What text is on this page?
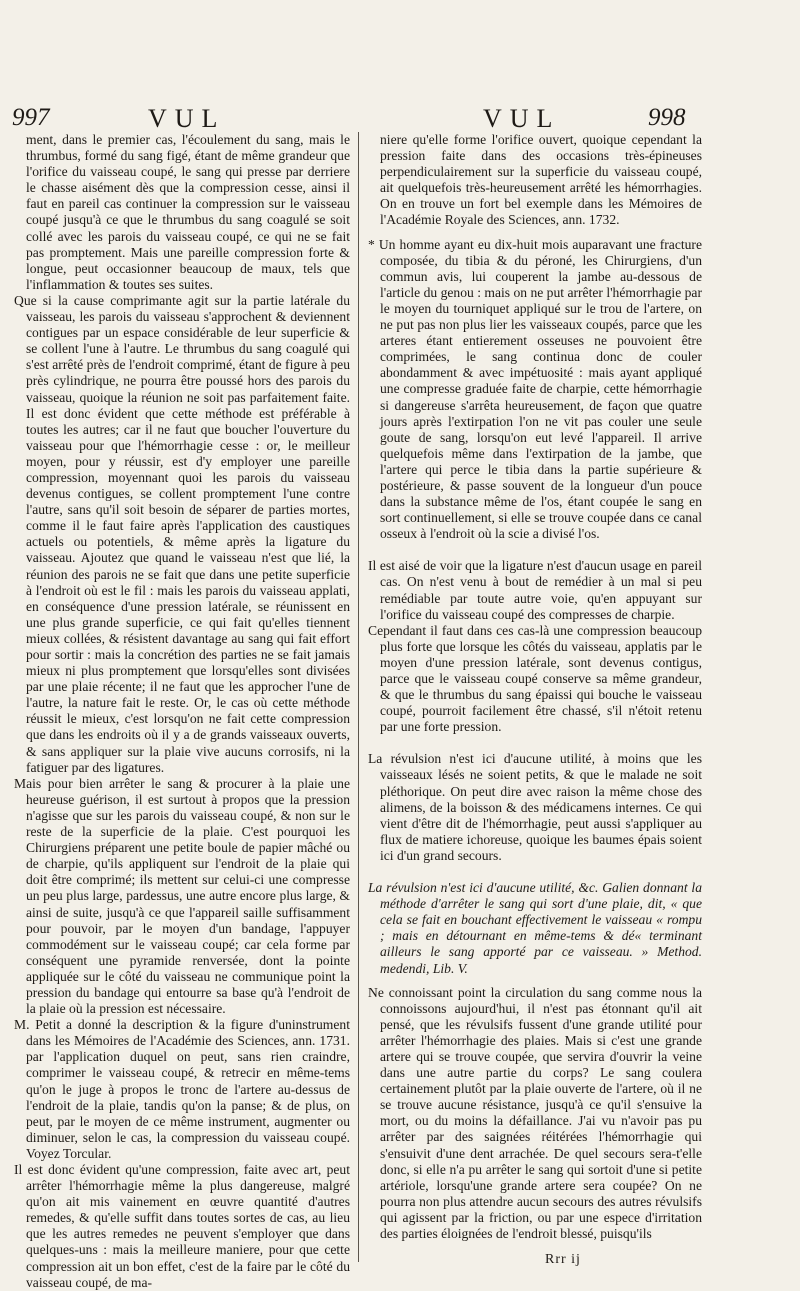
997	VUL	VUL	998

ment, dans le premier cas, l'écoulement du sang, mais le thrumbus, formé du sang figé, étant de même grandeur que l'orifice du vaisseau coupé, le sang qui presse par derriere le chasse aisément dès que la compression cesse, ainsi il faut en pareil cas continuer la compression sur le vaisseau coupé jusqu'à ce que le thrumbus du sang coagulé se soit collé avec les parois du vaisseau coupé, ce qui ne se fait pas promptement. Mais une pareille compression forte & longue, peut occasionner beaucoup de maux, tels que l'inflammation & toutes ses suites.

Que si la cause comprimante agit sur la partie latérale du vaisseau, les parois du vaisseau s'approchent & deviennent contigues par un espace considérable de leur superficie & se collent l'une à l'autre. Le thrumbus du sang coagulé qui s'est arrêté près de l'endroit comprimé, étant de figure à peu près cylindrique, ne pourra être poussé hors des parois du vaisseau, quoique la réunion ne soit pas parfaitement faite. Il est donc évident que cette méthode est préférable à toutes les autres; car il ne faut que boucher l'ouverture du vaisseau pour que l'hémorrhagie cesse : or, le meilleur moyen, pour y réussir, est d'y employer une pareille compression, moyennant quoi les parois du vaisseau devenus contigues, se collent promptement l'une contre l'autre, sans qu'il soit besoin de séparer de parties mortes, comme il le faut faire après l'application des caustiques actuels ou potentiels, & même après la ligature du vaisseau. Ajoutez que quand le vaisseau n'est que lié, la réunion des parois ne se fait que dans une petite superficie à l'endroit où est le fil : mais les parois du vaisseau applati, en conséquence d'une pression latérale, se réunissent en une plus grande superficie, ce qui fait qu'elles tiennent mieux collées, & résistent davantage au sang qui fait effort pour sortir : mais la concrétion des parties ne se fait jamais mieux ni plus promptement que lorsqu'elles sont divisées par une plaie récente; il ne faut que les approcher l'une de l'autre, la nature fait le reste. Or, le cas où cette méthode réussit le mieux, c'est lorsqu'on ne fait cette compression que dans les endroits où il y a de grands vaisseaux ouverts, & sans appliquer sur la plaie vive aucuns corrosifs, ni la fatiguer par des ligatures.

Mais pour bien arrêter le sang & procurer à la plaie une heureuse guérison, il est surtout à propos que la pression n'agisse que sur les parois du vaisseau coupé, & non sur le reste de la superficie de la plaie. C'est pourquoi les Chirurgiens préparent une petite boule de papier mâché ou de charpie, qu'ils appliquent sur l'endroit de la plaie qui doit être comprimé; ils mettent sur celui-ci une compresse un peu plus large, pardessus, une autre encore plus large, & ainsi de suite, jusqu'à ce que l'appareil saille suffisamment pour pouvoir, par le moyen d'un bandage, l'appuyer commodément sur le vaisseau coupé; car cela forme par conséquent une pyramide renversée, dont la pointe appliquée sur le côté du vaisseau ne communique point la pression du bandage qui entourre sa base qu'à l'endroit de la plaie où la pression est nécessaire.

M. Petit a donné la description & la figure d'uninstrument dans les Mémoires de l'Académie des Sciences, ann. 1731. par l'application duquel on peut, sans rien craindre, comprimer le vaisseau coupé, & retrecir en même-tems qu'on le juge à propos le tronc de l'artere au-dessus de l'endroit de la plaie, tandis qu'on la panse; & de plus, on peut, par le moyen de ce même instrument, augmenter ou diminuer, selon le cas, la compression du vaisseau coupé. Voyez Torcular.

Il est donc évident qu'une compression, faite avec art, peut arrêter l'hémorrhagie même la plus dangereuse, malgré qu'on ait mis vainement en œuvre quantité d'autres remedes, & qu'elle suffit dans toutes sortes de cas, au lieu que les autres remedes ne peuvent s'employer que dans quelques-uns : mais la meilleure maniere, pour que cette compression ait un bon effet, c'est de la faire par le côté du vaisseau coupé, de ma-

niere qu'elle forme l'orifice ouvert, quoique cependant la pression faite dans des occasions très-épineuses perpendiculairement sur la superficie du vaisseau coupé, ait quelquefois très-heureusement arrêté les hémorrhagies. On en trouve un fort bel exemple dans les Mémoires de l'Académie Royale des Sciences, ann. 1732.

* Un homme ayant eu dix-huit mois auparavant une fracture composée, du tibia & du péroné, les Chirurgiens, d'un commun avis, lui couperent la jambe au-dessous de l'article du genou : mais on ne put arrêter l'hémorrhagie par le moyen du tourniquet appliqué sur le trou de l'artere, on ne put pas non plus lier les vaisseaux coupés, parce que les arteres étant entierement osseuses ne pouvoient être comprimées, le sang continua donc de couler abondamment & avec impétuosité : mais ayant appliqué une compresse graduée faite de charpie, cette hémorrhagie si dangereuse s'arrêta heureusement, de façon que quatre jours après l'extirpation l'on ne vit pas couler une seule goute de sang, lorsqu'on eut levé l'appareil. Il arrive quelquefois même dans l'extirpation de la jambe, que l'artere qui perce le tibia dans la partie supérieure & postérieure, & passe souvent de la longueur d'un pouce dans la substance même de l'os, étant coupée le sang en sort continuellement, si elle se trouve coupée dans ce canal osseux à l'endroit où la scie a divisé l'os.

Il est aisé de voir que la ligature n'est d'aucun usage en pareil cas. On n'est venu à bout de remédier à un mal si peu remédiable par toute autre voie, qu'en appuyant sur l'orifice du vaisseau coupé des compresses de charpie.

Cependant il faut dans ces cas-là une compression beaucoup plus forte que lorsque les côtés du vaisseau, applatis par le moyen d'une pression latérale, sont devenus contigus, parce que le vaisseau coupé conserve sa même grandeur, & que le thrumbus du sang épaissi qui bouche le vaisseau coupé, pourroit facilement être chassé, s'il n'étoit retenu par une forte pression.

La révulsion n'est ici d'aucune utilité, à moins que les vaisseaux lésés ne soient petits, & que le malade ne soit pléthorique. On peut dire avec raison la même chose des alimens, de la boisson & des médicamens internes. Ce qui vient d'être dit de l'hémorrhagie, peut aussi s'appliquer au flux de matiere ichoreuse, quoique les baumes épais soient ici d'un grand secours.

La révulsion n'est ici d'aucune utilité, &c. Galien donnant la méthode d'arrêter le sang qui sort d'une plaie, dit, « que cela se fait en bouchant effectivement le vaisseau « rompu ; mais en détournant en même-tems & dé« terminant ailleurs le sang apporté par ce vaisseau. » Method. medendi, Lib. V.

Ne connoissant point la circulation du sang comme nous la connoissons aujourd'hui, il n'est pas étonnant qu'il ait pensé, que les révulsifs fussent d'une grande utilité pour arrêter l'hémorrhagie des plaies. Mais si c'est une grande artere qui se trouve coupée, que servira d'ouvrir la veine dans une autre partie du corps? Le sang coulera certainement plutôt par la plaie ouverte de l'artere, où il ne se trouve aucune résistance, jusqu'à ce qu'il s'ensuive la mort, ou du moins la défaillance. J'ai vu n'avoir pas pu arrêter par des saignées réitérées l'hémorrhagie qui s'ensuivit d'une dent arrachée. De quel secours sera-t'elle donc, si elle n'a pu arrêter le sang qui sortoit d'une si petite artériole, lorsqu'une grande artere sera coupée? On ne pourra non plus attendre aucun secours des autres révulsifs qui agissent par la friction, ou par une espece d'irritation des parties éloignées de l'endroit blessé, puisqu'ils

Rrr ij
